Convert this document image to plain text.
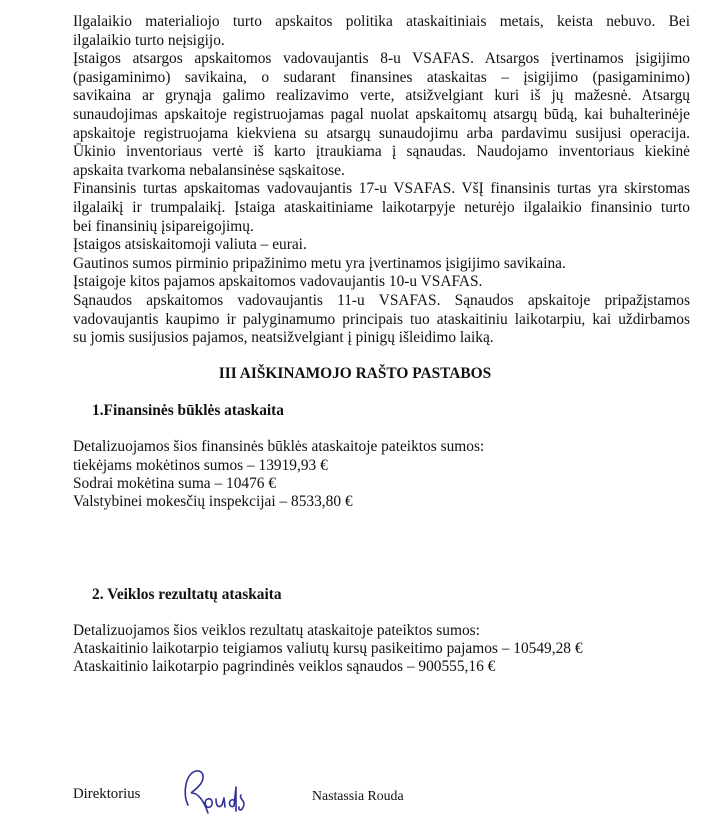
Ilgalaikio materialiojo turto apskaitos politika ataskaitiniais metais, keista nebuvo. Bei
ilgalaikio turto neįsigijo.
Įstaigos atsargos apskaitomos vadovaujantis 8-u VSAFAS. Atsargos įvertinamos įsigijimo
(pasigaminimo) savikaina, o sudarant finansines ataskaitas – įsigijimo (pasigaminimo)
savikaina ar grynąja galimo realizavimo verte, atsižvelgiant kuri iš jų mažesnė. Atsargų
sunaudojimas apskaitoje registruojamas pagal nuolat apskaitomų atsargų būdą, kai buhalterinėje
apskaitoje registruojama kiekviena su atsargų sunaudojimu arba pardavimu susijusi operacija.
Ūkinio inventoriaus vertė iš karto įtraukiama į sąnaudas. Naudojamo inventoriaus kiekinė
apskaita tvarkoma nebalansinėse sąskaitose.
Finansinis turtas apskaitomas vadovaujantis 17-u VSAFAS. VšĮ finansinis turtas yra skirstomas
ilgalaikį ir trumpalaikį. Įstaiga ataskaitiniame laikotarpyje neturėjo ilgalaikio finansinio turto
bei finansinių įsipareigojimų.
Įstaigos atsiskaitomoji valiuta – eurai.
Gautinos sumos pirminio pripažinimo metu yra įvertinamos įsigijimo savikaina.
Įstaigoje kitos pajamos apskaitomos vadovaujantis 10-u VSAFAS.
Sąnaudos apskaitomos vadovaujantis 11-u VSAFAS. Sąnaudos apskaitoje pripažįstamos
vadovaujantis kaupimo ir palyginamumo principais tuo ataskaitiniu laikotarpiu, kai uždirbamos
su jomis susijusios pajamos, neatsižvelgiant į pinigų išleidimo laiką.
III AIŠKINAMOJO RAŠTO PASTABOS
1.Finansinės būklės ataskaita
Detalizuojamos šios finansinės būklės ataskaitoje pateiktos sumos:
tiekėjams mokėtinos sumos – 13919,93 €
Sodrai mokėtina suma – 10476 €
Valstybinei mokesčių inspekcijai – 8533,80 €
2. Veiklos rezultatų ataskaita
Detalizuojamos šios veiklos rezultatų ataskaitoje pateiktos sumos:
Ataskaitinio laikotarpio teigiamos valiutų kursų pasikeitimo pajamos – 10549,28 €
Ataskaitinio laikotarpio pagrindinės veiklos sąnaudos – 900555,16 €
Direktorius	Nastassia Rouda
